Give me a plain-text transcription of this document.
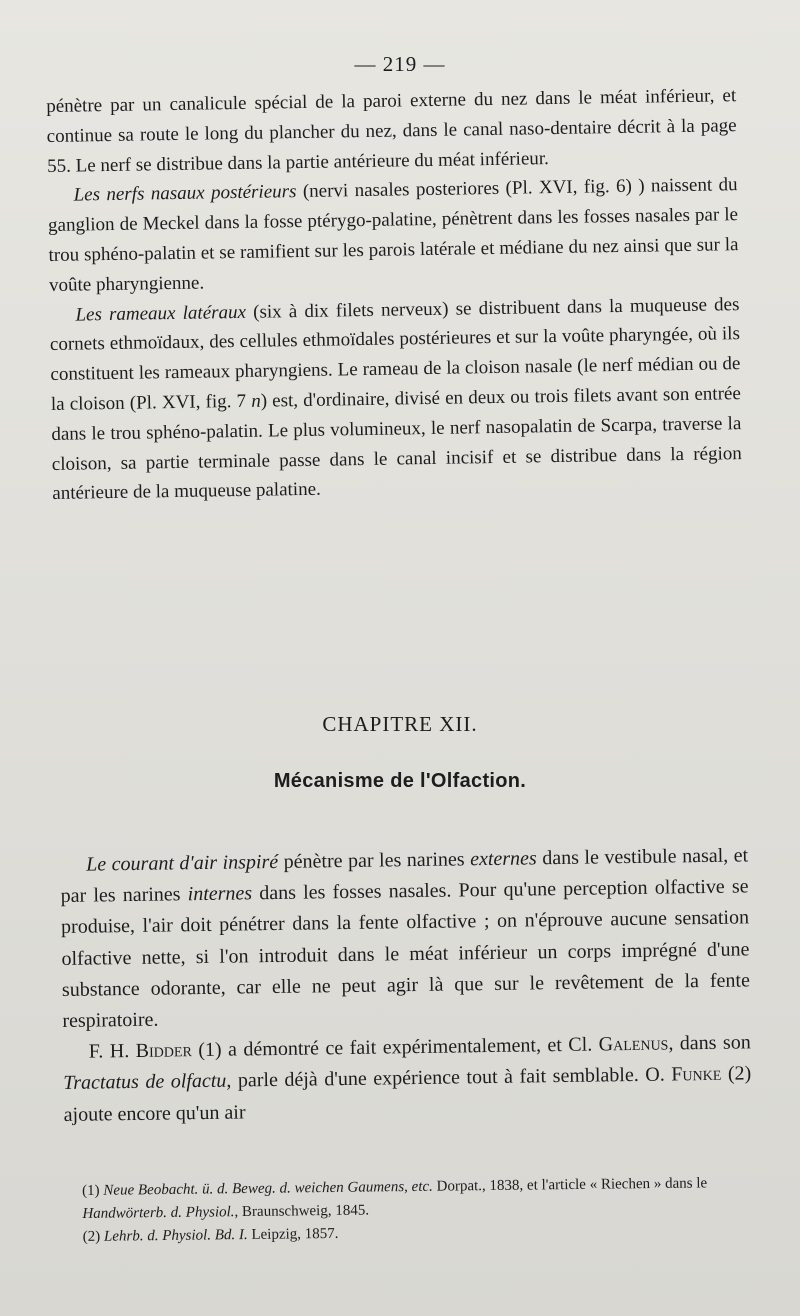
— 219 —

pénètre par un canalicule spécial de la paroi externe du nez dans le méat inférieur, et continue sa route le long du plancher du nez, dans le canal naso-dentaire décrit à la page 55. Le nerf se distribue dans la partie antérieure du méat inférieur.

Les nerfs nasaux postérieurs (nervi nasales posteriores (Pl. XVI, fig. 6) ) naissent du ganglion de Meckel dans la fosse ptérygo-palatine, pénètrent dans les fosses nasales par le trou sphéno-palatin et se ramifient sur les parois latérale et médiane du nez ainsi que sur la voûte pharyngienne.

Les rameaux latéraux (six à dix filets nerveux) se distribuent dans la muqueuse des cornets ethmoïdaux, des cellules ethmoïdales postérieures et sur la voûte pharyngée, où ils constituent les rameaux pharyngiens. Le rameau de la cloison nasale (le nerf médian ou de la cloison (Pl. XVI, fig. 7 n) est, d'ordinaire, divisé en deux ou trois filets avant son entrée dans le trou sphéno-palatin. Le plus volumineux, le nerf nasopalatin de Scarpa, traverse la cloison, sa partie terminale passe dans le canal incisif et se distribue dans la région antérieure de la muqueuse palatine.

CHAPITRE XII.
Mécanisme de l'Olfaction.

Le courant d'air inspiré pénètre par les narines externes dans le vestibule nasal, et par les narines internes dans les fosses nasales. Pour qu'une perception olfactive se produise, l'air doit pénétrer dans la fente olfactive ; on n'éprouve aucune sensation olfactive nette, si l'on introduit dans le méat inférieur un corps imprégné d'une substance odorante, car elle ne peut agir là que sur le revêtement de la fente respiratoire.

F. H. Bidder (1) a démontré ce fait expérimentalement, et Cl. Galenus, dans son Tractatus de olfactu, parle déjà d'une expérience tout à fait semblable. O. Funke (2) ajoute encore qu'un air

(1) Neue Beobacht. ü. d. Beweg. d. weichen Gaumens, etc. Dorpat., 1838, et l'article « Riechen » dans le Handwörterb. d. Physiol., Braunschweig, 1845.

(2) Lehrb. d. Physiol. Bd. I. Leipzig, 1857.
